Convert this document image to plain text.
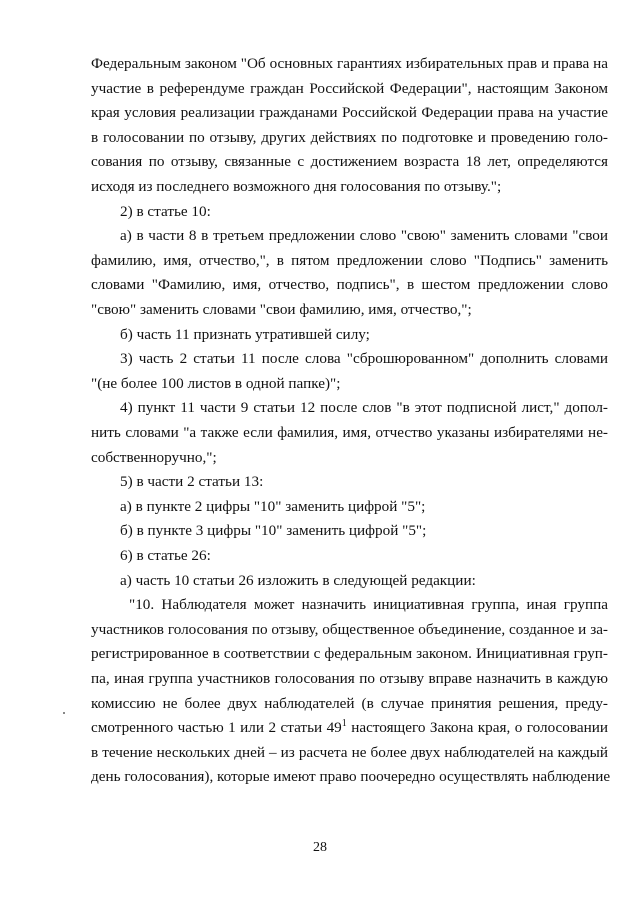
Федеральным законом "Об основных гарантиях избирательных прав и права на
участие в референдуме граждан Российской Федерации", настоящим Законом
края условия реализации гражданами Российской Федерации права на участие
в голосовании по отзыву, других действиях по подготовке и проведению голо-
сования по отзыву, связанные с достижением возраста 18 лет, определяются
исходя из последнего возможного дня голосования по отзыву.";
2) в статье 10:
а) в части 8 в третьем предложении слово "свою" заменить словами "свои
фамилию, имя, отчество,", в пятом предложении слово "Подпись" заменить
словами "Фамилию, имя, отчество, подпись", в шестом предложении слово
"свою" заменить словами "свои фамилию, имя, отчество,";
б) часть 11 признать утратившей силу;
3) часть 2 статьи 11 после слова "сброшюрованном" дополнить словами
"(не более 100 листов в одной папке)";
4) пункт 11 части 9 статьи 12 после слов "в этот подписной лист," допол-
нить словами "а также если фамилия, имя, отчество указаны избирателями не-
собственноручно,";
5) в части 2 статьи 13:
а) в пункте 2 цифры "10" заменить цифрой "5";
б) в пункте 3 цифры "10" заменить цифрой "5";
6) в статье 26:
а) часть 10 статьи 26 изложить в следующей редакции:
"10. Наблюдателя может назначить инициативная группа, иная группа
участников голосования по отзыву, общественное объединение, созданное и за-
регистрированное в соответствии с федеральным законом. Инициативная груп-
па, иная группа участников голосования по отзыву вправе назначить в каждую
комиссию не более двух наблюдателей (в случае принятия решения, преду-
смотренного частью 1 или 2 статьи $49^1$ настоящего Закона края, о голосовании
в течение нескольких дней – из расчета не более двух наблюдателей на каждый
день голосования), которые имеют право поочередно осуществлять наблюдение
28
